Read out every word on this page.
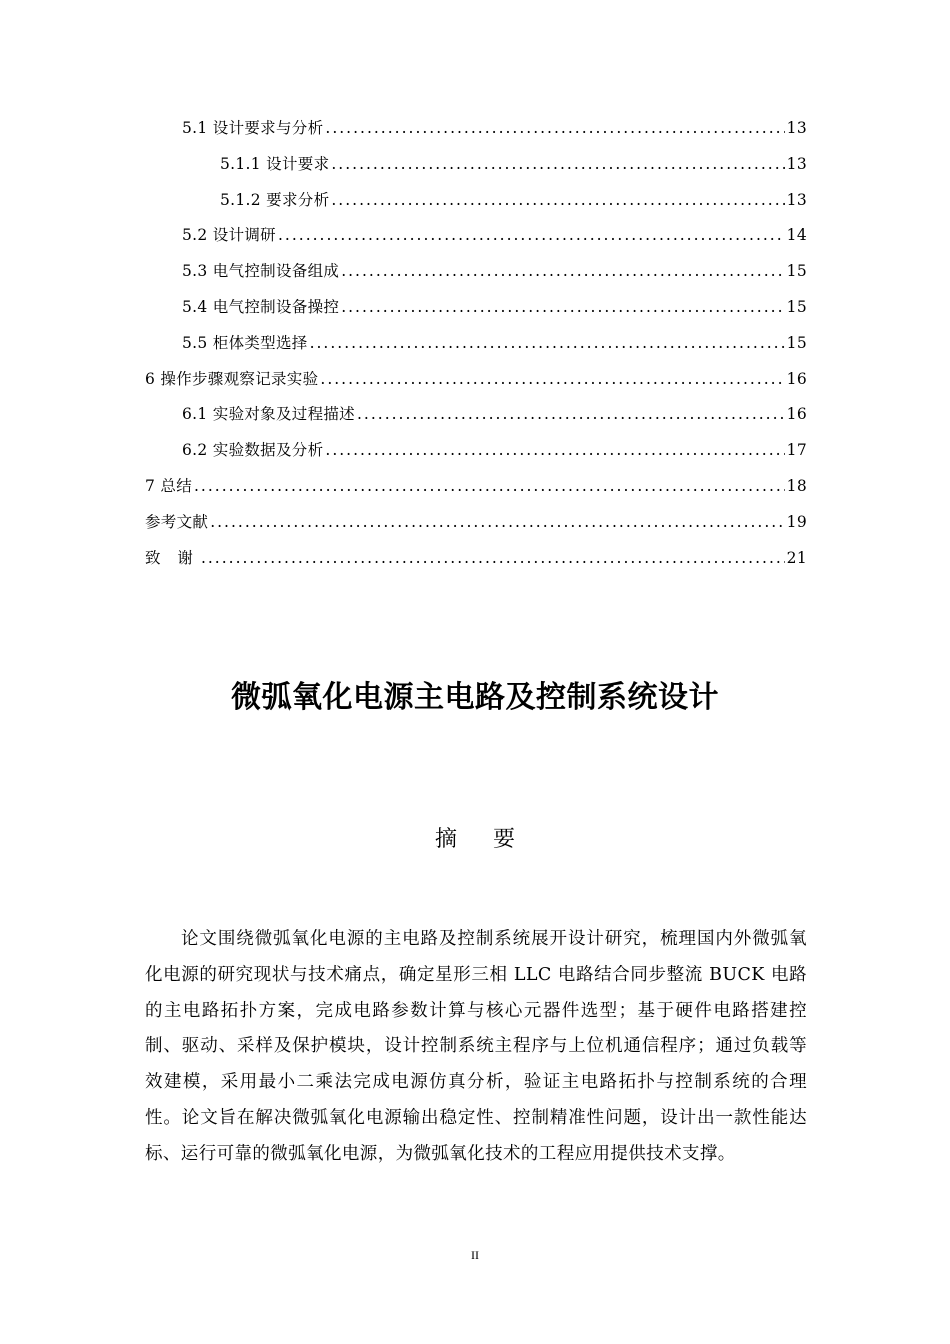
5.1 设计要求与分析 .....	13
5.1.1 设计要求 .....	13
5.1.2 要求分析 .....	13
5.2 设计调研 .....	14
5.3 电气控制设备组成 .....	15
5.4 电气控制设备操控 .....	15
5.5 柜体类型选择 .....	15
6 操作步骤观察记录实验 .....	16
6.1 实验对象及过程描述 .....	16
6.2 实验数据及分析 .....	17
7 总结 .....	18
参考文献 .....	19
致 谢 .....	21
微弧氧化电源主电路及控制系统设计
摘要
论文围绕微弧氧化电源的主电路及控制系统展开设计研究，梳理国内外微弧氧化电源的研究现状与技术痛点，确定星形三相 LLC 电路结合同步整流 BUCK 电路的主电路拓扑方案，完成电路参数计算与核心元器件选型；基于硬件电路搭建控制、驱动、采样及保护模块，设计控制系统主程序与上位机通信程序；通过负载等效建模，采用最小二乘法完成电源仿真分析，验证主电路拓扑与控制系统的合理性。论文旨在解决微弧氧化电源输出稳定性、控制精准性问题，设计出一款性能达标、运行可靠的微弧氧化电源，为微弧氧化技术的工程应用提供技术支撑。
II
